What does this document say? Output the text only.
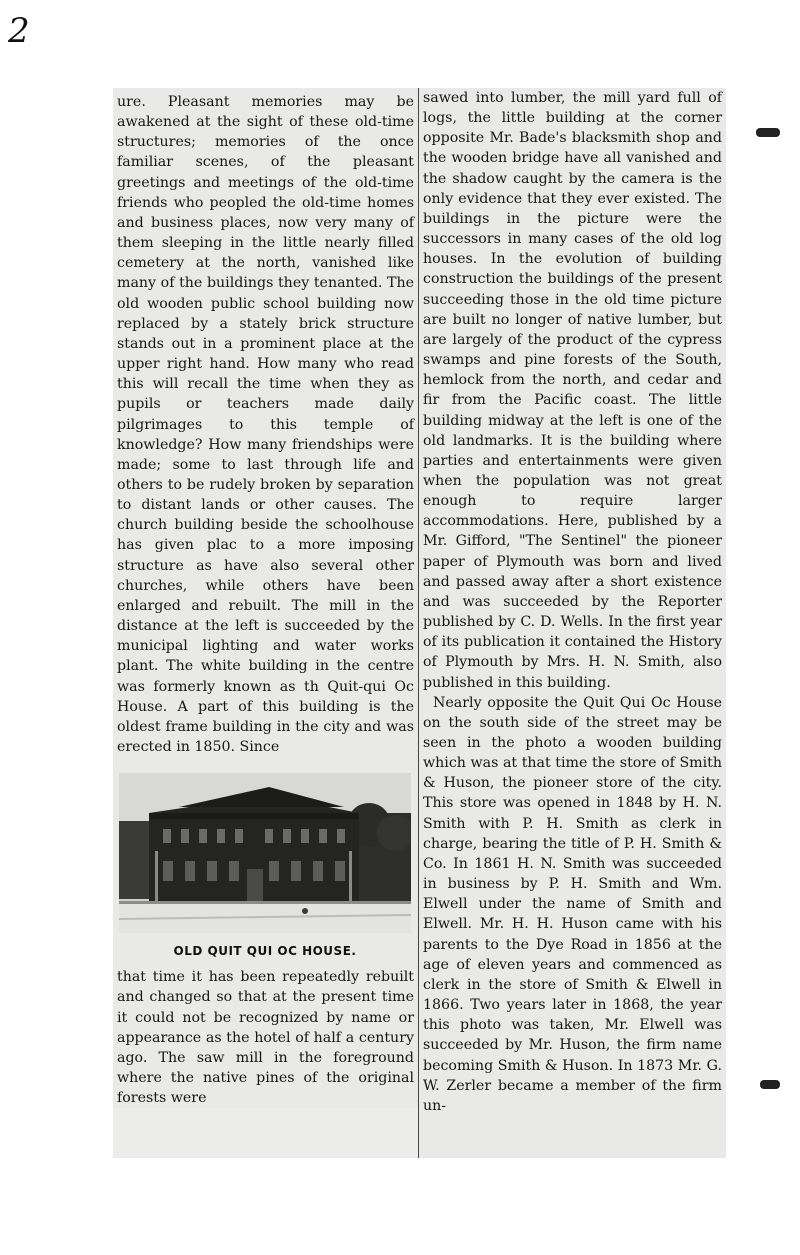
2

ure. Pleasant memories may be awakened at the sight of these old-time structures; memories of the once familiar scenes, of the pleasant greetings and meetings of the old-time friends who peopled the old-time homes and business places, now very many of them sleeping in the little nearly filled cemetery at the north, vanished like many of the buildings they tenanted. The old wooden public school building now replaced by a stately brick structure stands out in a prominent place at the upper right hand. How many who read this will recall the time when they as pupils or teachers made daily pilgrimages to this temple of knowledge? How many friendships were made; some to last through life and others to be rudely broken by separation to distant lands or other causes. The church building beside the schoolhouse has given plac to a more imposing structure as have also several other churches, while others have been enlarged and rebuilt. The mill in the distance at the left is succeeded by the municipal lighting and water works plant. The white building in the centre was formerly known as th Quit-qui Oc House. A part of this building is the oldest frame building in the city and was erected in 1850. Since

OLD QUIT QUI OC HOUSE.

that time it has been repeatedly rebuilt and changed so that at the present time it could not be recognized by name or appearance as the hotel of half a century ago. The saw mill in the foreground where the native pines of the original forests were

sawed into lumber, the mill yard full of logs, the little building at the corner opposite Mr. Bade's blacksmith shop and the wooden bridge have all vanished and the shadow caught by the camera is the only evidence that they ever existed. The buildings in the picture were the successors in many cases of the old log houses. In the evolution of building construction the buildings of the present succeeding those in the old time picture are built no longer of native lumber, but are largely of the product of the cypress swamps and pine forests of the South, hemlock from the north, and cedar and fir from the Pacific coast. The little building midway at the left is one of the old landmarks. It is the building where parties and entertainments were given when the population was not great enough to require larger accommodations. Here, published by a Mr. Gifford, "The Sentinel" the pioneer paper of Plymouth was born and lived and passed away after a short existence and was succeeded by the Reporter published by C. D. Wells. In the first year of its publication it contained the History of Plymouth by Mrs. H. N. Smith, also published in this building.

Nearly opposite the Quit Qui Oc House on the south side of the street may be seen in the photo a wooden building which was at that time the store of Smith & Huson, the pioneer store of the city. This store was opened in 1848 by H. N. Smith with P. H. Smith as clerk in charge, bearing the title of P. H. Smith & Co. In 1861 H. N. Smith was succeeded in business by P. H. Smith and Wm. Elwell under the name of Smith and Elwell. Mr. H. H. Huson came with his parents to the Dye Road in 1856 at the age of eleven years and commenced as clerk in the store of Smith & Elwell in 1866. Two years later in 1868, the year this photo was taken, Mr. Elwell was succeeded by Mr. Huson, the firm name becoming Smith & Huson. In 1873 Mr. G. W. Zerler became a member of the firm un-
